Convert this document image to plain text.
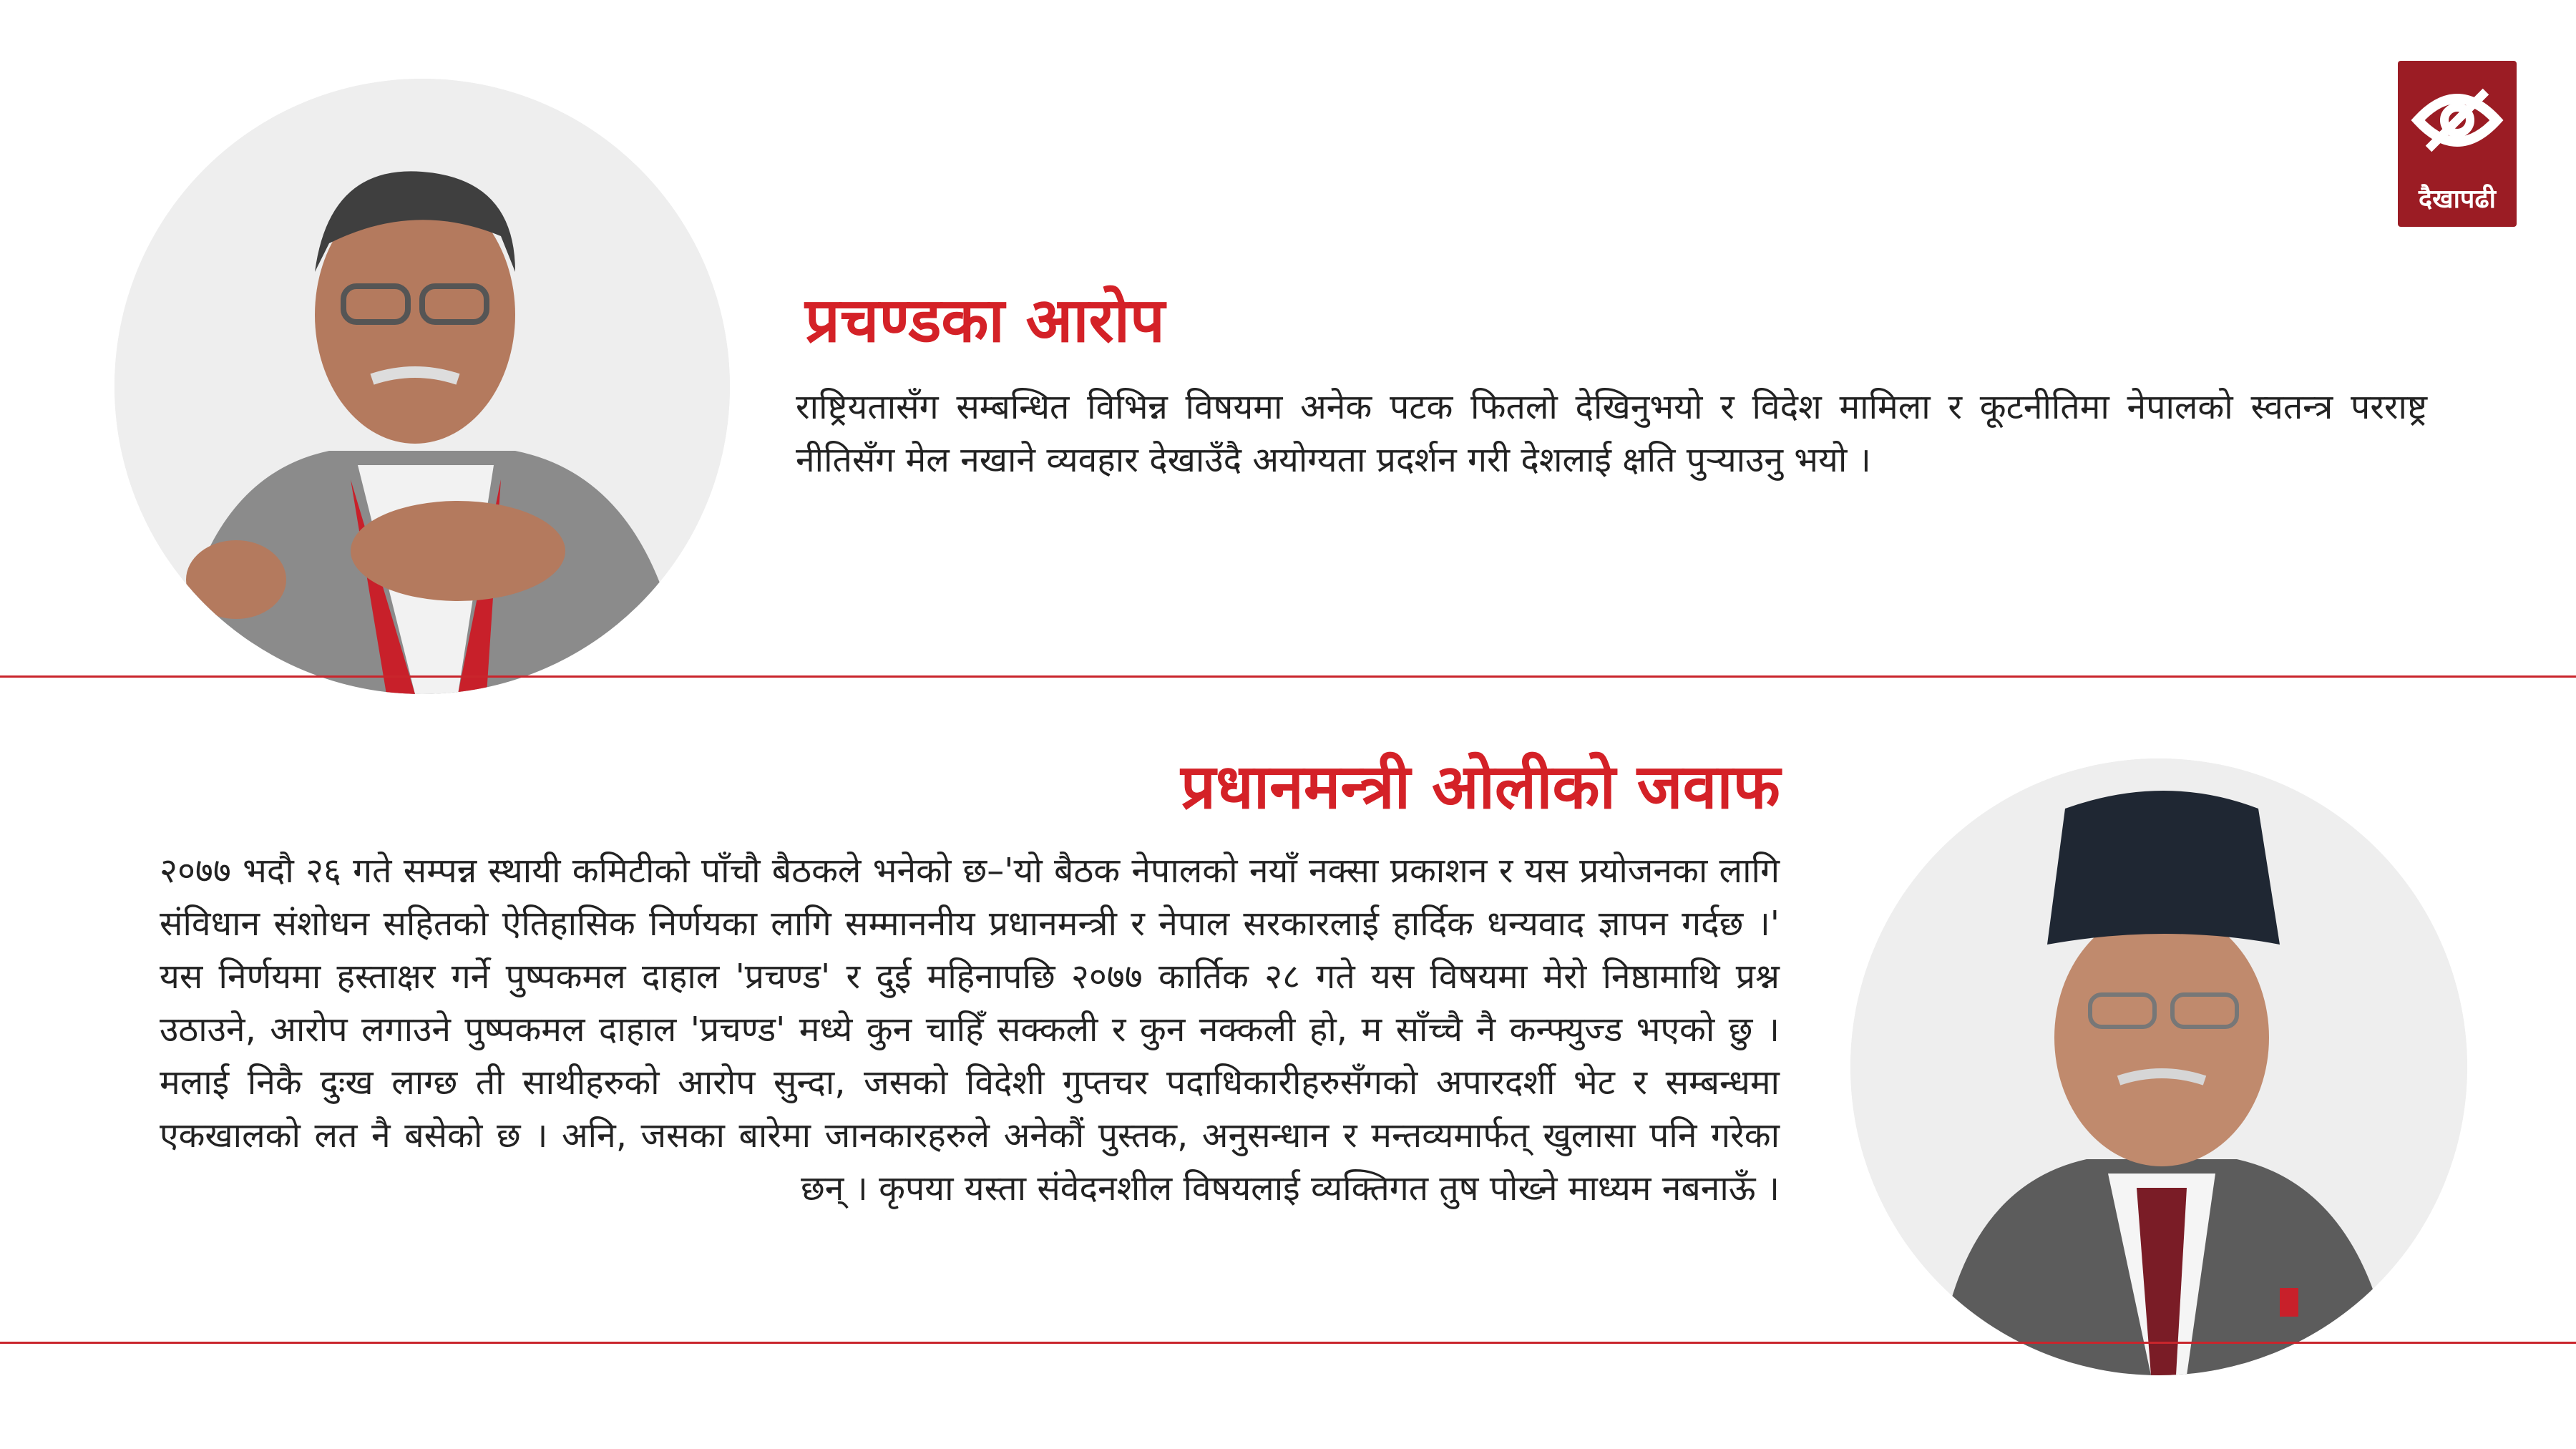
दैखापढी
प्रचण्डका आरोप
राष्ट्रियतासँग सम्बन्धित विभिन्न विषयमा अनेक पटक फितलो देखिनुभयो र विदेश मामिला र कूटनीतिमा नेपालको स्वतन्त्र परराष्ट्र नीतिसँग मेल नखाने व्यवहार देखाउँदै अयोग्यता प्रदर्शन गरी देशलाई क्षति पुऱ्याउनु भयो ।
प्रधानमन्त्री ओलीको जवाफ
२०७७ भदौ २६ गते सम्पन्न स्थायी कमिटीको पाँचौ बैठकले भनेको छ–'यो बैठक नेपालको नयाँ नक्सा प्रकाशन र यस प्रयोजनका लागि संविधान संशोधन सहितको ऐतिहासिक निर्णयका लागि सम्माननीय प्रधानमन्त्री र नेपाल सरकारलाई हार्दिक धन्यवाद ज्ञापन गर्दछ ।' यस निर्णयमा हस्ताक्षर गर्ने पुष्पकमल दाहाल 'प्रचण्ड' र दुई महिनापछि २०७७ कार्तिक २८ गते यस विषयमा मेरो निष्ठामाथि प्रश्न उठाउने, आरोप लगाउने पुष्पकमल दाहाल 'प्रचण्ड' मध्ये कुन चाहिँ सक्कली र कुन नक्कली हो, म साँच्चै नै कन्फ्युज्ड भएको छु । मलाई निकै दुःख लाग्छ ती साथीहरुको आरोप सुन्दा, जसको विदेशी गुप्तचर पदाधिकारीहरुसँगको अपारदर्शी भेट र सम्बन्धमा एकखालको लत नै बसेको छ । अनि, जसका बारेमा जानकारहरुले अनेकौं पुस्तक, अनुसन्धान र मन्तव्यमार्फत् खुलासा पनि गरेका छन् । कृपया यस्ता संवेदनशील विषयलाई व्यक्तिगत तुष पोख्ने माध्यम नबनाऊँ ।
